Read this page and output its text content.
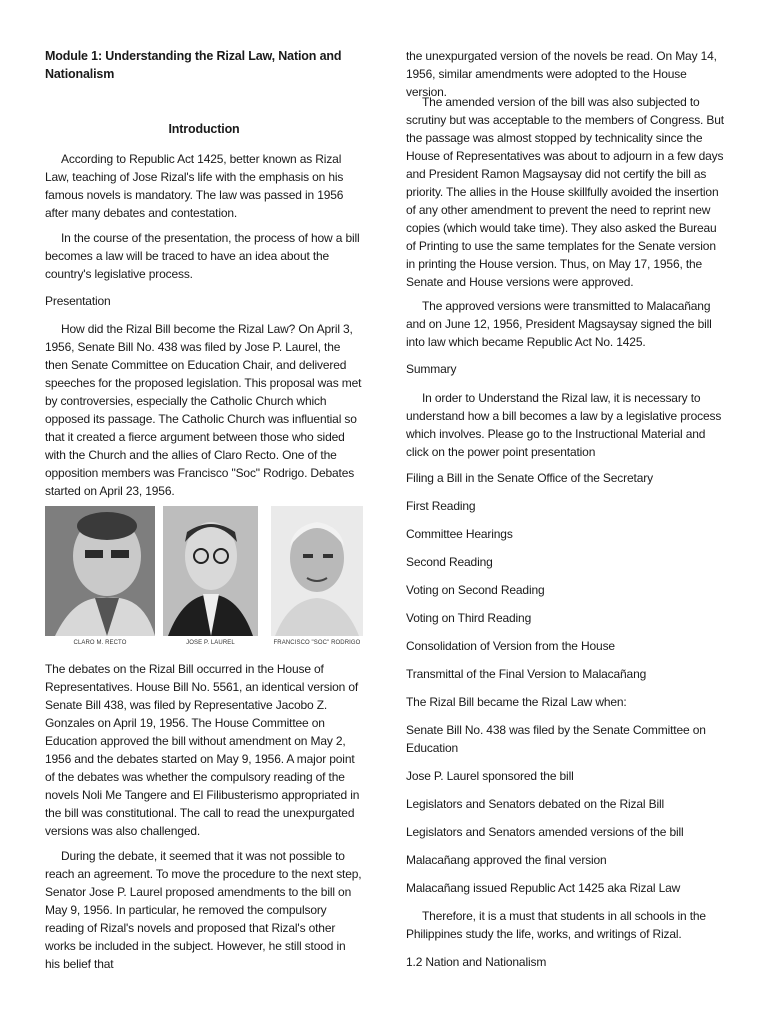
Module 1: Understanding the Rizal Law, Nation and Nationalism

Introduction

According to Republic Act 1425, better known as Rizal Law, teaching of Jose Rizal's life with the emphasis on his famous novels is mandatory. The law was passed in 1956 after many debates and contestation.

In the course of the presentation, the process of how a bill becomes a law will be traced to have an idea about the country's legislative process.

Presentation

How did the Rizal Bill become the Rizal Law? On April 3, 1956, Senate Bill No. 438 was filed by Jose P. Laurel, the then Senate Committee on Education Chair, and delivered speeches for the proposed legislation. This proposal was met by controversies, especially the Catholic Church which opposed its passage. The Catholic Church was influential so that it created a fierce argument between those who sided with the Church and the allies of Claro Recto. One of the opposition members was Francisco "Soc" Rodrigo. Debates started on April 23, 1956.

CLARO M. RECTO	JOSE P. LAUREL	FRANCISCO "SOC" RODRIGO

The debates on the Rizal Bill occurred in the House of Representatives. House Bill No. 5561, an identical version of Senate Bill 438, was filed by Representative Jacobo Z. Gonzales on April 19, 1956. The House Committee on Education approved the bill without amendment on May 2, 1956 and the debates started on May 9, 1956. A major point of the debates was whether the compulsory reading of the novels Noli Me Tangere and El Filibusterismo appropriated in the bill was constitutional. The call to read the unexpurgated versions was also challenged.

During the debate, it seemed that it was not possible to reach an agreement. To move the procedure to the next step, Senator Jose P. Laurel proposed amendments to the bill on May 9, 1956. In particular, he removed the compulsory reading of Rizal's novels and proposed that Rizal's other works be included in the subject. However, he still stood in his belief that

the unexpurgated version of the novels be read. On May 14, 1956, similar amendments were adopted to the House version.

The amended version of the bill was also subjected to scrutiny but was acceptable to the members of Congress. But the passage was almost stopped by technicality since the House of Representatives was about to adjourn in a few days and President Ramon Magsaysay did not certify the bill as priority. The allies in the House skillfully avoided the insertion of any other amendment to prevent the need to reprint new copies (which would take time). They also asked the Bureau of Printing to use the same templates for the Senate version in printing the House version. Thus, on May 17, 1956, the Senate and House versions were approved.

The approved versions were transmitted to Malacañang and on June 12, 1956, President Magsaysay signed the bill into law which became Republic Act No. 1425.

Summary

In order to Understand the Rizal law, it is necessary to understand how a bill becomes a law by a legislative process which involves. Please go to the Instructional Material and click on the power point presentation

Filing a Bill in the Senate Office of the Secretary

First Reading

Committee Hearings

Second Reading

Voting on Second Reading

Voting on Third Reading

Consolidation of Version from the House

Transmittal of the Final Version to Malacañang

The Rizal Bill became the Rizal Law when:

Senate Bill No. 438 was filed by the Senate Committee on Education

Jose P. Laurel sponsored the bill

Legislators and Senators debated on the Rizal Bill

Legislators and Senators amended versions of the bill

Malacañang approved the final version

Malacañang issued Republic Act 1425 aka Rizal Law

Therefore, it is a must that students in all schools in the Philippines study the life, works, and writings of Rizal.

1.2 Nation and Nationalism
